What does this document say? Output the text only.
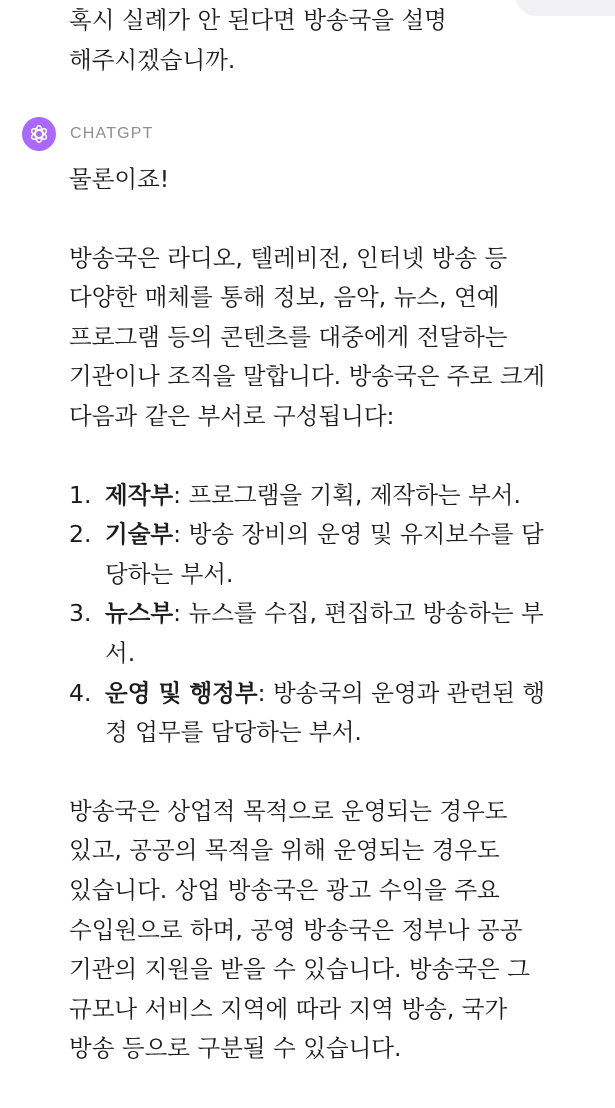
혹시 실례가 안 된다면 방송국을 설명
해주시겠습니까.
CHATGPT

물론이죠!

방송국은 라디오, 텔레비전, 인터넷 방송 등
다양한 매체를 통해 정보, 음악, 뉴스, 연예
프로그램 등의 콘텐츠를 대중에게 전달하는
기관이나 조직을 말합니다. 방송국은 주로 크게
다음과 같은 부서로 구성됩니다:

1. 제작부: 프로그램을 기획, 제작하는 부서.
2. 기술부: 방송 장비의 운영 및 유지보수를 담
당하는 부서.
3. 뉴스부: 뉴스를 수집, 편집하고 방송하는 부
서.
4. 운영 및 행정부: 방송국의 운영과 관련된 행
정 업무를 담당하는 부서.

방송국은 상업적 목적으로 운영되는 경우도
있고, 공공의 목적을 위해 운영되는 경우도
있습니다. 상업 방송국은 광고 수익을 주요
수입원으로 하며, 공영 방송국은 정부나 공공
기관의 지원을 받을 수 있습니다. 방송국은 그
규모나 서비스 지역에 따라 지역 방송, 국가
방송 등으로 구분될 수 있습니다.
